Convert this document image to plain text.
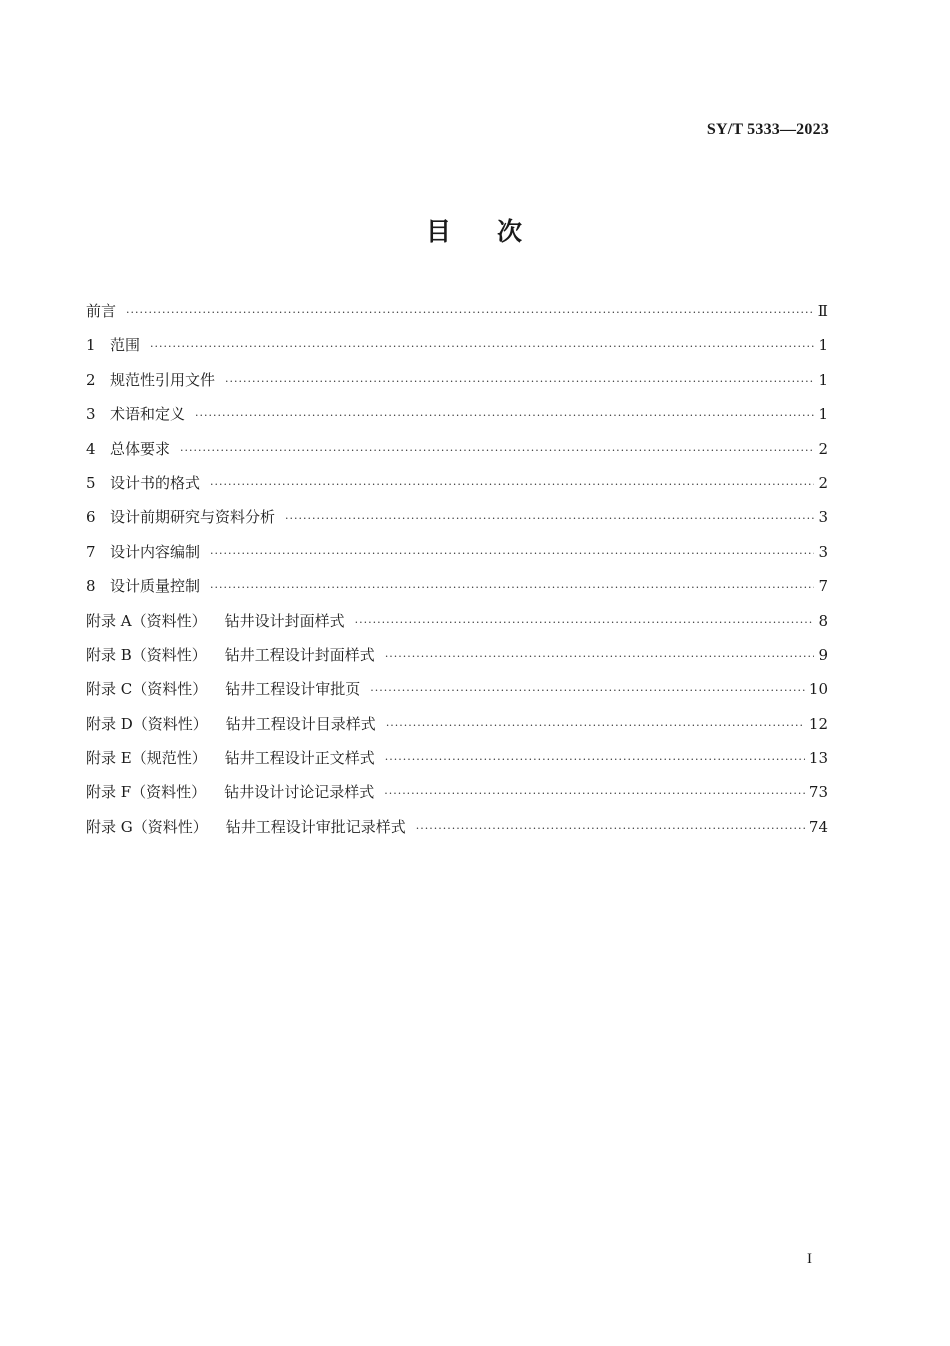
SY/T 5333—2023
目 次
前言 ·····	Ⅱ
1 范围 ·····	1
2 规范性引用文件 ·····	1
3 术语和定义 ·····	1
4 总体要求 ·····	2
5 设计书的格式 ·····	2
6 设计前期研究与资料分析 ·····	3
7 设计内容编制 ·····	3
8 设计质量控制 ·····	7
附录 A（资料性） 钻井设计封面样式 ·····	8
附录 B（资料性） 钻井工程设计封面样式 ·····	9
附录 C（资料性） 钻井工程设计审批页 ·····	10
附录 D（资料性） 钻井工程设计目录样式 ·····	12
附录 E（规范性） 钻井工程设计正文样式 ·····	13
附录 F（资料性） 钻井设计讨论记录样式 ·····	73
附录 G（资料性） 钻井工程设计审批记录样式 ·····	74
I
